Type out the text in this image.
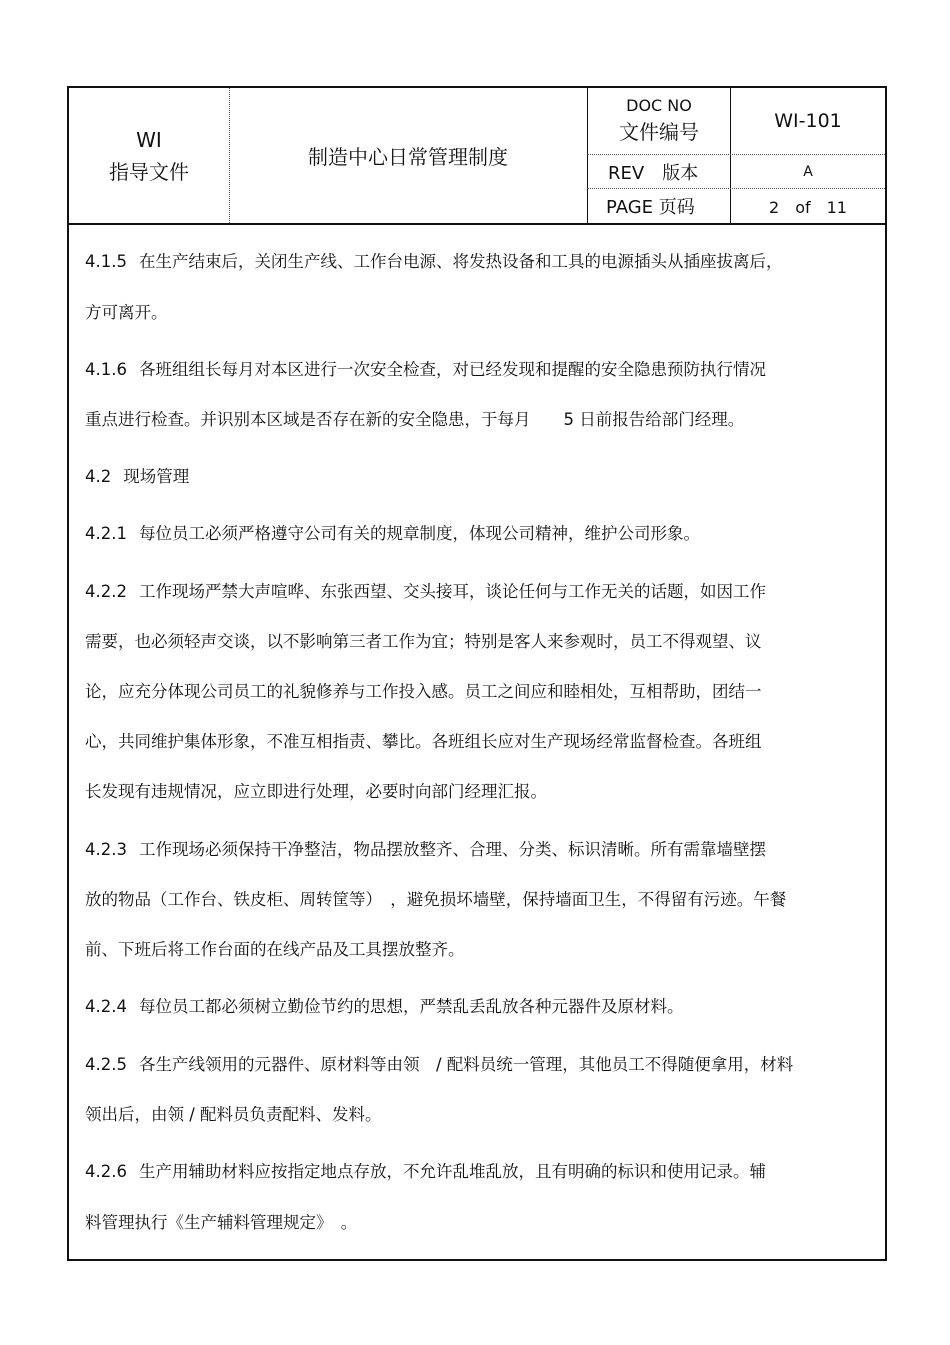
WI
指导文件
制造中心日常管理制度
DOC NO
文件编号	WI-101
REV　版本	A
PAGE 页码	2　of　11
4.1.5 在生产结束后，关闭生产线、工作台电源、将发热设备和工具的电源插头从插座拔离后，
方可离开。
4.1.6 各班组组长每月对本区进行一次安全检查，对已经发现和提醒的安全隐患预防执行情况
重点进行检查。并识别本区域是否存在新的安全隐患，于每月　　5 日前报告给部门经理。
4.2 现场管理
4.2.1 每位员工必须严格遵守公司有关的规章制度，体现公司精神，维护公司形象。
4.2.2 工作现场严禁大声喧哗、东张西望、交头接耳，谈论任何与工作无关的话题，如因工作
需要，也必须轻声交谈，以不影响第三者工作为宜；特别是客人来参观时，员工不得观望、议
论，应充分体现公司员工的礼貌修养与工作投入感。员工之间应和睦相处，互相帮助，团结一
心，共同维护集体形象，不准互相指责、攀比。各班组长应对生产现场经常监督检查。各班组
长发现有违规情况，应立即进行处理，必要时向部门经理汇报。
4.2.3 工作现场必须保持干净整洁，物品摆放整齐、合理、分类、标识清晰。所有需靠墙壁摆
放的物品（工作台、铁皮柜、周转筐等）　，避免损坏墙壁，保持墙面卫生，不得留有污迹。午餐
前、下班后将工作台面的在线产品及工具摆放整齐。
4.2.4 每位员工都必须树立勤俭节约的思想，严禁乱丢乱放各种元器件及原材料。
4.2.5 各生产线领用的元器件、原材料等由领　/ 配料员统一管理，其他员工不得随便拿用，材料
领出后，由领 / 配料员负责配料、发料。
4.2.6 生产用辅助材料应按指定地点存放，不允许乱堆乱放，且有明确的标识和使用记录。辅
料管理执行《生产辅料管理规定》　。
